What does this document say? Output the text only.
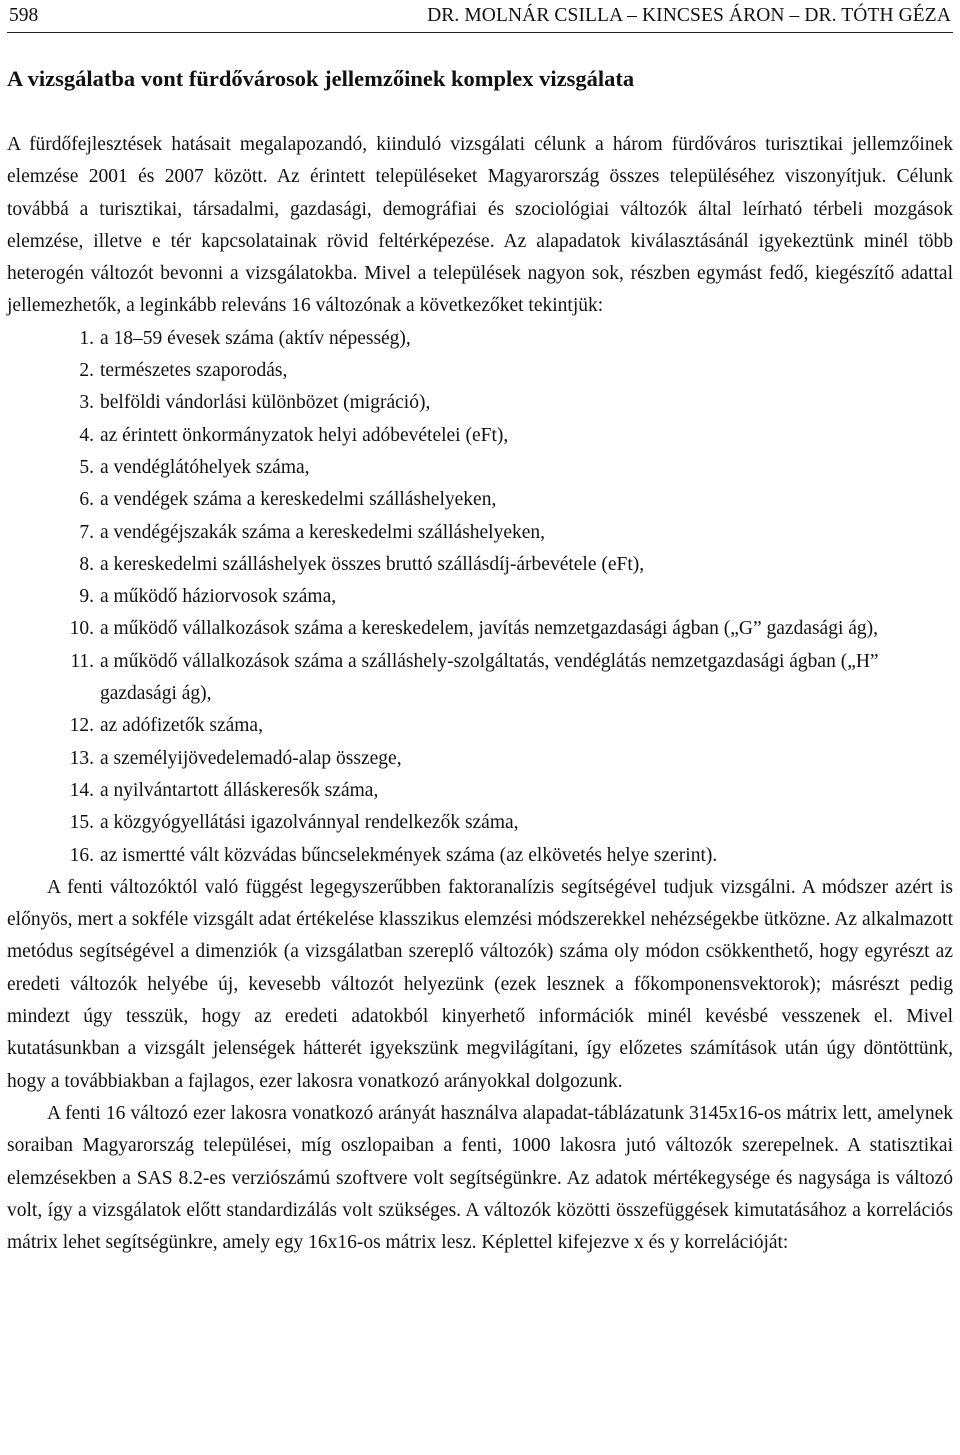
598	DR. MOLNÁR CSILLA – KINCSES ÁRON – DR. TÓTH GÉZA
A vizsgálatba vont fürdővárosok jellemzőinek komplex vizsgálata

A fürdőfejlesztések hatásait megalapozandó, kiinduló vizsgálati célunk a három fürdőváros turisztikai jellemzőinek elemzése 2001 és 2007 között. Az érintett településeket Magyarország összes településéhez viszonyítjuk. Célunk továbbá a turisztikai, társadalmi, gazdasági, demográfiai és szociológiai változók által leírható térbeli mozgások elemzése, illetve e tér kapcsolatainak rövid feltérképezése. Az alapadatok kiválasztásánál igyekeztünk minél több heterogén változót bevonni a vizsgálatokba. Mivel a települések nagyon sok, részben egymást fedő, kiegészítő adattal jellemezhetők, a leginkább releváns 16 változónak a következőket tekintjük:

1. a 18–59 évesek száma (aktív népesség),
2. természetes szaporodás,
3. belföldi vándorlási különbözet (migráció),
4. az érintett önkormányzatok helyi adóbevételei (eFt),
5. a vendéglátóhelyek száma,
6. a vendégek száma a kereskedelmi szálláshelyeken,
7. a vendégéjszakák száma a kereskedelmi szálláshelyeken,
8. a kereskedelmi szálláshelyek összes bruttó szállásdíj-árbevétele (eFt),
9. a működő háziorvosok száma,
10. a működő vállalkozások száma a kereskedelem, javítás nemzetgazdasági ágban („G” gazdasági ág),
11. a működő vállalkozások száma a szálláshely-szolgáltatás, vendéglátás nemzetgazdasági ágban („H” gazdasági ág),
12. az adófizetők száma,
13. a személyijövedelemadó-alap összege,
14. a nyilvántartott álláskeresők száma,
15. a közgyógyellátási igazolvánnyal rendelkezők száma,
16. az ismertté vált közvádas bűncselekmények száma (az elkövetés helye szerint).

A fenti változóktól való függést legegyszerűbben faktoranalízis segítségével tudjuk vizsgálni. A módszer azért is előnyös, mert a sokféle vizsgált adat értékelése klasszikus elemzési módszerekkel nehézségekbe ütközne. Az alkalmazott metódus segítségével a dimenziók (a vizsgálatban szereplő változók) száma oly módon csökkenthető, hogy egyrészt az eredeti változók helyébe új, kevesebb változót helyezünk (ezek lesznek a főkomponensvektorok); másrészt pedig mindezt úgy tesszük, hogy az eredeti adatokból kinyerhető információk minél kevésbé vesszenek el. Mivel kutatásunkban a vizsgált jelenségek hátterét igyekszünk megvilágítani, így előzetes számítások után úgy döntöttünk, hogy a továbbiakban a fajlagos, ezer lakosra vonatkozó arányokkal dolgozunk.

A fenti 16 változó ezer lakosra vonatkozó arányát használva alapadat-táblázatunk 3145x16-os mátrix lett, amelynek soraiban Magyarország települései, míg oszlopaiban a fenti, 1000 lakosra jutó változók szerepelnek. A statisztikai elemzésekben a SAS 8.2-es verziószámú szoftvere volt segítségünkre. Az adatok mértékegysége és nagysága is változó volt, így a vizsgálatok előtt standardizálás volt szükséges. A változók közötti összefüggések kimutatásához a korrelációs mátrix lehet segítségünkre, amely egy 16x16-os mátrix lesz. Képlettel kifejezve x és y korrelációját:
